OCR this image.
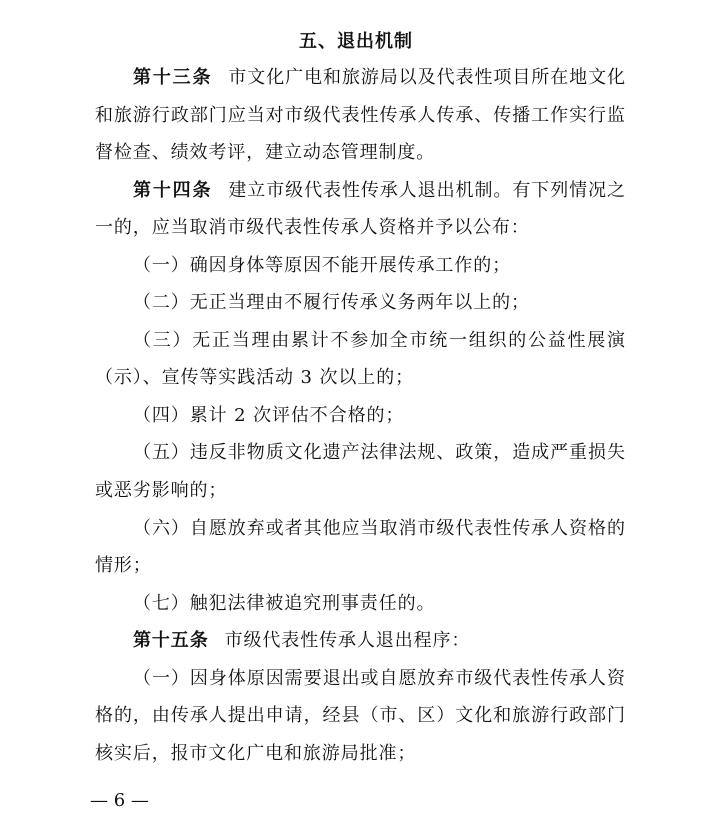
五、退出机制
第十三条 市文化广电和旅游局以及代表性项目所在地文化
和旅游行政部门应当对市级代表性传承人传承、传播工作实行监
督检查、绩效考评，建立动态管理制度。
第十四条 建立市级代表性传承人退出机制。有下列情况之
一的，应当取消市级代表性传承人资格并予以公布：
（一）确因身体等原因不能开展传承工作的；
（二）无正当理由不履行传承义务两年以上的；
（三）无正当理由累计不参加全市统一组织的公益性展演
（示）、宣传等实践活动 3 次以上的；
（四）累计 2 次评估不合格的；
（五）违反非物质文化遗产法律法规、政策，造成严重损失
或恶劣影响的；
（六）自愿放弃或者其他应当取消市级代表性传承人资格的
情形；
（七）触犯法律被追究刑事责任的。
第十五条 市级代表性传承人退出程序：
（一）因身体原因需要退出或自愿放弃市级代表性传承人资
格的，由传承人提出申请，经县（市、区）文化和旅游行政部门
核实后，报市文化广电和旅游局批准；
— 6 —
